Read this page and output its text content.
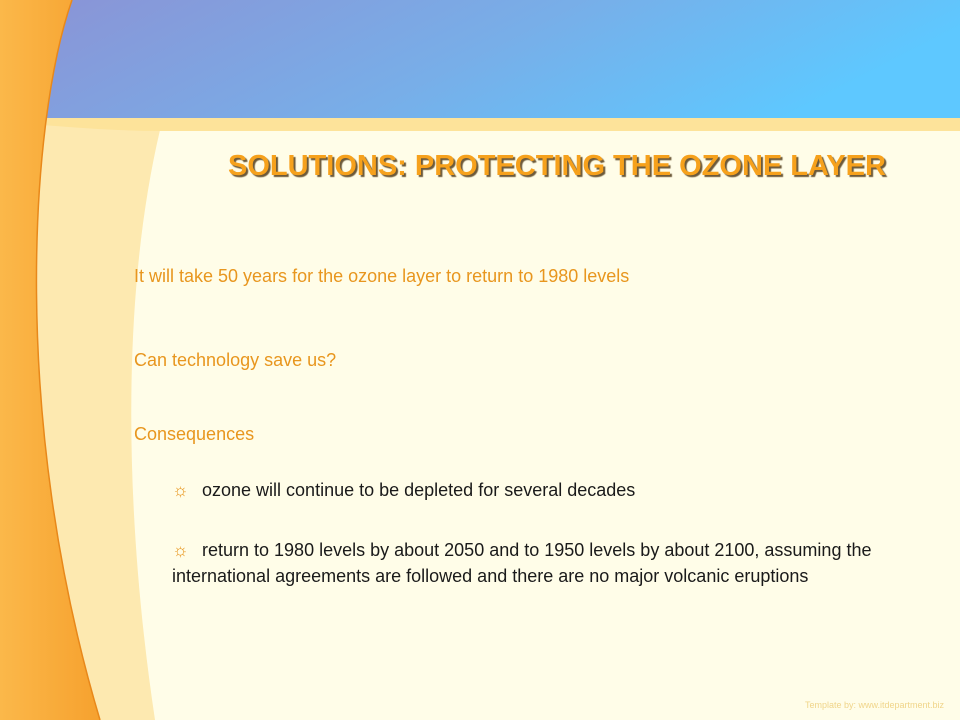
SOLUTIONS: PROTECTING THE OZONE LAYER
It will take 50 years for the ozone layer to return to 1980 levels
Can technology save us?
Consequences
☼ ozone will continue to be depleted for several decades
☼ return to 1980 levels by about 2050 and to 1950 levels by about 2100, assuming the international agreements are followed and there are no major volcanic eruptions
Template by: www.itdepartment.biz
